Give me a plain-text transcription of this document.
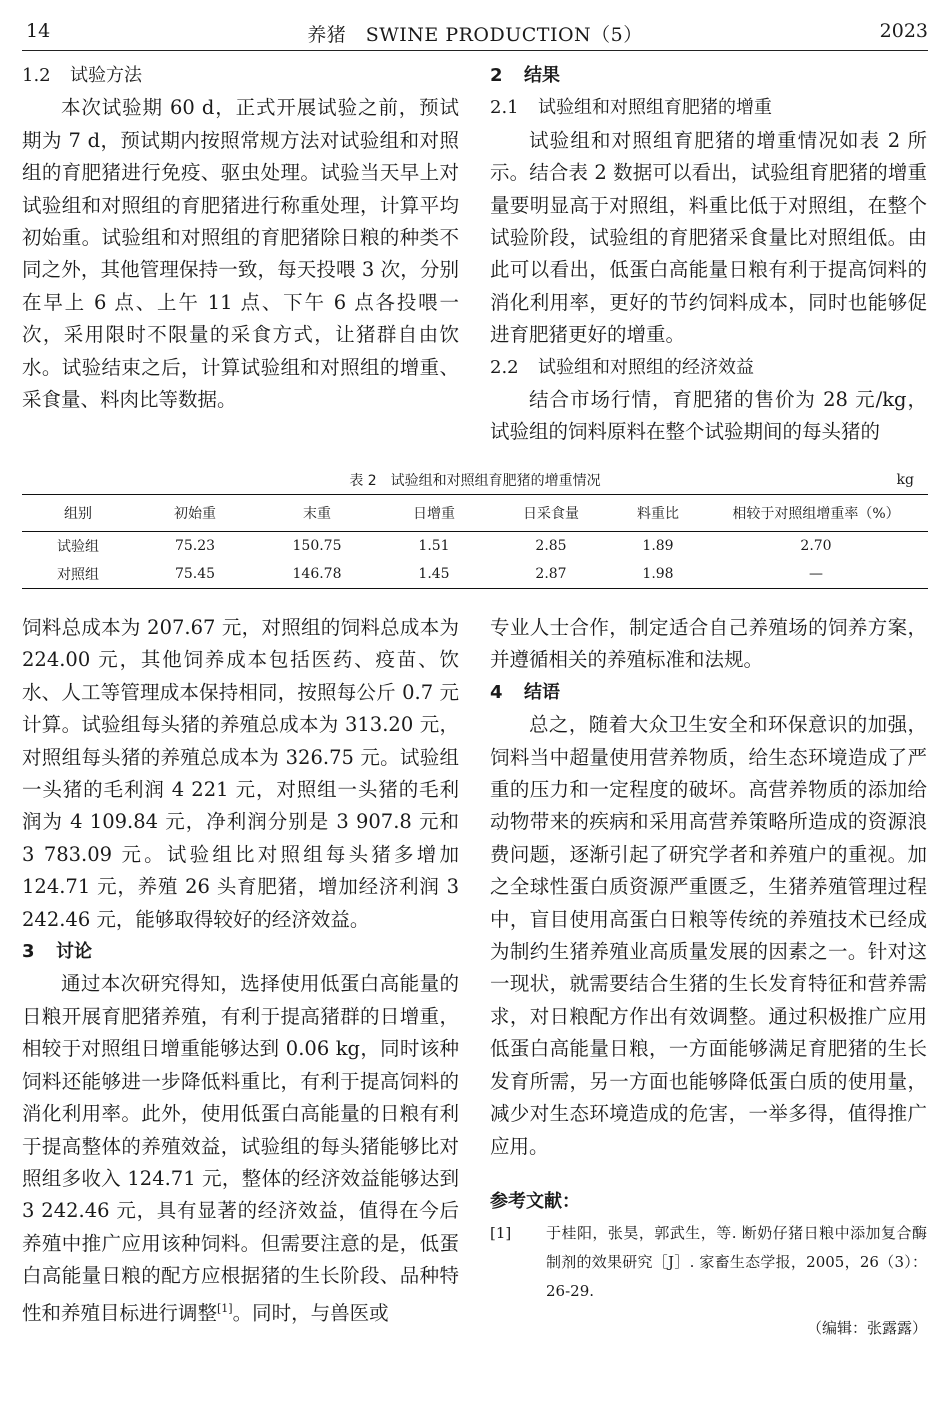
14	养猪　SWINE PRODUCTION（5）	2023
1.2 试验方法

本次试验期 60 d，正式开展试验之前，预试期为 7 d，预试期内按照常规方法对试验组和对照组的育肥猪进行免疫、驱虫处理。试验当天早上对试验组和对照组的育肥猪进行称重处理，计算平均初始重。试验组和对照组的育肥猪除日粮的种类不同之外，其他管理保持一致，每天投喂 3 次，分别在早上 6 点、上午 11 点、下午 6 点各投喂一次，采用限时不限量的采食方式，让猪群自由饮水。试验结束之后，计算试验组和对照组的增重、采食量、料肉比等数据。

2 结果
2.1 试验组和对照组育肥猪的增重

试验组和对照组育肥猪的增重情况如表 2 所示。结合表 2 数据可以看出，试验组育肥猪的增重量要明显高于对照组，料重比低于对照组，在整个试验阶段，试验组的育肥猪采食量比对照组低。由此可以看出，低蛋白高能量日粮有利于提高饲料的消化利用率，更好的节约饲料成本，同时也能够促进育肥猪更好的增重。

2.2 试验组和对照组的经济效益

结合市场行情，育肥猪的售价为 28 元/kg，试验组的饲料原料在整个试验期间的每头猪的

表 2　试验组和对照组育肥猪的增重情况	kg
组别	初始重	末重	日增重	日采食量	料重比	相较于对照组增重率（%）
试验组	75.23	150.75	1.51	2.85	1.89	2.70
对照组	75.45	146.78	1.45	2.87	1.98	—

饲料总成本为 207.67 元，对照组的饲料总成本为 224.00 元，其他饲养成本包括医药、疫苗、饮水、人工等管理成本保持相同，按照每公斤 0.7 元计算。试验组每头猪的养殖总成本为 313.20 元，对照组每头猪的养殖总成本为 326.75 元。试验组一头猪的毛利润 4 221 元，对照组一头猪的毛利润为 4 109.84 元，净利润分别是 3 907.8 元和 3 783.09 元。试验组比对照组每头猪多增加 124.71 元，养殖 26 头育肥猪，增加经济利润 3 242.46 元，能够取得较好的经济效益。

3 讨论

通过本次研究得知，选择使用低蛋白高能量的日粮开展育肥猪养殖，有利于提高猪群的日增重，相较于对照组日增重能够达到 0.06 kg，同时该种饲料还能够进一步降低料重比，有利于提高饲料的消化利用率。此外，使用低蛋白高能量的日粮有利于提高整体的养殖效益，试验组的每头猪能够比对照组多收入 124.71 元，整体的经济效益能够达到 3 242.46 元，具有显著的经济效益，值得在今后养殖中推广应用该种饲料。但需要注意的是，低蛋白高能量日粮的配方应根据猪的生长阶段、品种特性和养殖目标进行调整[1]。同时，与兽医或

专业人士合作，制定适合自己养殖场的饲养方案，并遵循相关的养殖标准和法规。

4 结语

总之，随着大众卫生安全和环保意识的加强，饲料当中超量使用营养物质，给生态环境造成了严重的压力和一定程度的破坏。高营养物质的添加给动物带来的疾病和采用高营养策略所造成的资源浪费问题，逐渐引起了研究学者和养殖户的重视。加之全球性蛋白质资源严重匮乏，生猪养殖管理过程中，盲目使用高蛋白日粮等传统的养殖技术已经成为制约生猪养殖业高质量发展的因素之一。针对这一现状，就需要结合生猪的生长发育特征和营养需求，对日粮配方作出有效调整。通过积极推广应用低蛋白高能量日粮，一方面能够满足育肥猪的生长发育所需，另一方面也能够降低蛋白质的使用量，减少对生态环境造成的危害，一举多得，值得推广应用。

参考文献：
[1] 于桂阳，张昊，郭武生，等. 断奶仔猪日粮中添加复合酶制剂的效果研究［J］. 家畜生态学报，2005，26（3）：26-29.
（编辑：张露露）
